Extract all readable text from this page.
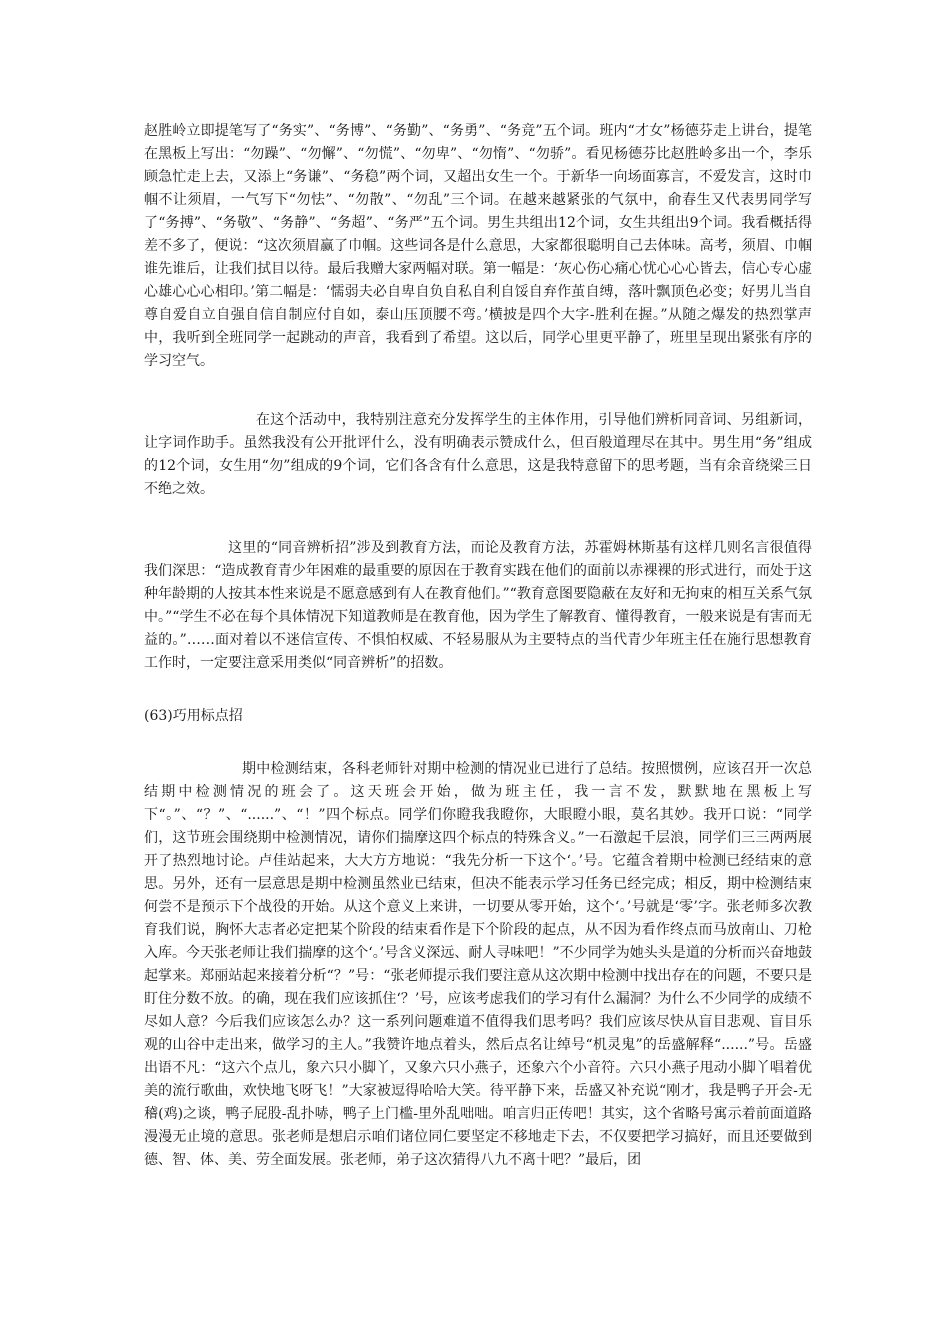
赵胜岭立即提笔写了“务实”、“务博”、“务勤”、“务勇”、“务竞”五个词。班内“才女”杨德芬走上讲台，提笔在黑板上写出：“勿躁”、“勿懈”、“勿慌”、“勿卑”、“勿惰”、“勿骄”。看见杨德芬比赵胜岭多出一个，李乐顾急忙走上去，又添上“务谦”、“务稳”两个词，又超出女生一个。于新华一向场面寡言，不爱发言，这时巾帼不让须眉，一气写下“勿怯”、“勿散”、“勿乱”三个词。在越来越紧张的气氛中，俞春生又代表男同学写了“务搏”、“务敬”、“务静”、“务超”、“务严”五个词。男生共组出12个词，女生共组出9个词。我看概括得差不多了，便说：“这次须眉赢了巾帼。这些词各是什么意思，大家都很聪明自己去体味。高考，须眉、巾帼谁先谁后，让我们拭目以待。最后我赠大家两幅对联。第一幅是：‘灰心伤心痛心忧心心心皆去，信心专心虚心雄心心心相印。’第二幅是：‘懦弱夫必自卑自负自私自利自馁自弃作茧自缚，落叶飘顶色必变；好男儿当自尊自爱自立自强自信自制应付自如，泰山压顶腰不弯。’横披是四个大字-胜利在握。”从随之爆发的热烈掌声中，我听到全班同学一起跳动的声音，我看到了希望。这以后，同学心里更平静了，班里呈现出紧张有序的学习空气。

在这个活动中，我特别注意充分发挥学生的主体作用，引导他们辨析同音词、另组新词，让字词作助手。虽然我没有公开批评什么，没有明确表示赞成什么，但百般道理尽在其中。男生用“务”组成的12个词，女生用“勿”组成的9个词，它们各含有什么意思，这是我特意留下的思考题，当有余音绕梁三日不绝之效。

这里的“同音辨析招”涉及到教育方法，而论及教育方法，苏霍姆林斯基有这样几则名言很值得我们深思：“造成教育青少年困难的最重要的原因在于教育实践在他们的面前以赤裸裸的形式进行，而处于这种年龄期的人按其本性来说是不愿意感到有人在教育他们。”“教育意图要隐蔽在友好和无拘束的相互关系气氛中。”“学生不必在每个具体情况下知道教师是在教育他，因为学生了解教育、懂得教育，一般来说是有害而无益的。”……面对着以不迷信宣传、不惧怕权威、不轻易服从为主要特点的当代青少年班主任在施行思想教育工作时，一定要注意采用类似“同音辨析”的招数。

(63)巧用标点招

期中检测结束，各科老师针对期中检测的情况业已进行了总结。按照惯例，应该召开一次总结期中检测情况的班会了。这天班会开始，做为班主任，我一言不发，默默地在黑板上写下“。”、“？”、“......”、“！”四个标点。同学们你瞪我我瞪你，大眼瞪小眼，莫名其妙。我开口说：“同学们，这节班会围绕期中检测情况，请你们揣摩这四个标点的特殊含义。”一石激起千层浪，同学们三三两两展开了热烈地讨论。卢佳站起来，大大方方地说：“我先分析一下这个‘。’号。它蕴含着期中检测已经结束的意思。另外，还有一层意思是期中检测虽然业已结束，但决不能表示学习任务已经完成；相反，期中检测结束何尝不是预示下个战役的开始。从这个意义上来讲，一切要从零开始，这个‘。’号就是‘零’字。张老师多次教育我们说，胸怀大志者必定把某个阶段的结束看作是下个阶段的起点，从不因为看作终点而马放南山、刀枪入库。今天张老师让我们揣摩的这个‘。’号含义深远、耐人寻味吧！”不少同学为她头头是道的分析而兴奋地鼓起掌来。郑丽站起来接着分析“？”号：“张老师提示我们要注意从这次期中检测中找出存在的问题，不要只是盯住分数不放。的确，现在我们应该抓住‘？’号，应该考虑我们的学习有什么漏洞？为什么不少同学的成绩不尽如人意？今后我们应该怎么办？这一系列问题难道不值得我们思考吗？我们应该尽快从盲目悲观、盲目乐观的山谷中走出来，做学习的主人。”我赞许地点着头，然后点名让绰号“机灵鬼”的岳盛解释“......”号。岳盛出语不凡：“这六个点儿，象六只小脚丫，又象六只小燕子，还象六个小音符。六只小燕子甩动小脚丫唱着优美的流行歌曲，欢快地飞呀飞！”大家被逗得哈哈大笑。待平静下来，岳盛又补充说“刚才，我是鸭子开会-无稽(鸡)之谈，鸭子屁股-乱扑哧，鸭子上门槛-里外乱咄咄。咱言归正传吧！其实，这个省略号寓示着前面道路漫漫无止境的意思。张老师是想启示咱们诸位同仁要坚定不移地走下去，不仅要把学习搞好，而且还要做到德、智、体、美、劳全面发展。张老师，弟子这次猜得八九不离十吧？”最后，团
